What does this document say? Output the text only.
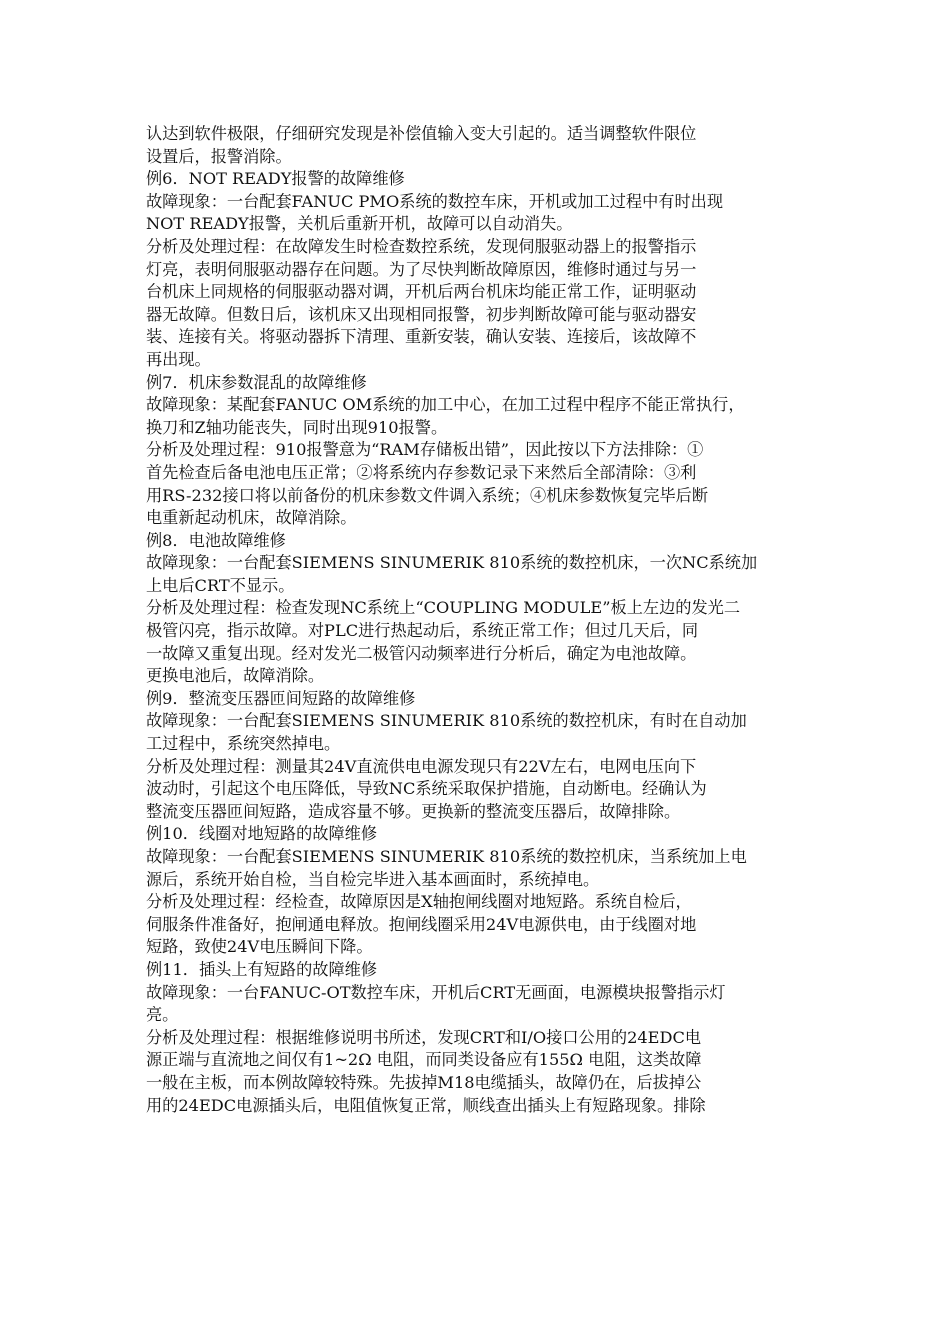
认达到软件极限，仔细研究发现是补偿值输入变大引起的。适当调整软件限位
设置后，报警消除。
例6．NOT READY报警的故障维修
故障现象：一台配套FANUC PMO系统的数控车床，开机或加工过程中有时出现
NOT READY报警，关机后重新开机，故障可以自动消失。
分析及处理过程：在故障发生时检查数控系统，发现伺服驱动器上的报警指示
灯亮，表明伺服驱动器存在问题。为了尽快判断故障原因，维修时通过与另一
台机床上同规格的伺服驱动器对调，开机后两台机床均能正常工作，证明驱动
器无故障。但数日后，该机床又出现相同报警，初步判断故障可能与驱动器安
装、连接有关。将驱动器拆下清理、重新安装，确认安装、连接后，该故障不
再出现。
例7．机床参数混乱的故障维修
故障现象：某配套FANUC OM系统的加工中心，在加工过程中程序不能正常执行，
换刀和Z轴功能丧失，同时出现910报警。
分析及处理过程：910报警意为“RAM存储板出错”，因此按以下方法排除：①
首先检查后备电池电压正常；②将系统内存参数记录下来然后全部清除：③利
用RS-232接口将以前备份的机床参数文件调入系统；④机床参数恢复完毕后断
电重新起动机床，故障消除。
例8．电池故障维修
故障现象：一台配套SIEMENS SINUMERIK 810系统的数控机床，一次NC系统加
上电后CRT不显示。
分析及处理过程：检查发现NC系统上“COUPLING MODULE”板上左边的发光二
极管闪亮，指示故障。对PLC进行热起动后，系统正常工作；但过几天后，同
一故障又重复出现。经对发光二极管闪动频率进行分析后，确定为电池故障。
更换电池后，故障消除。
例9．整流变压器匝间短路的故障维修
故障现象：一台配套SIEMENS SINUMERIK 810系统的数控机床，有时在自动加
工过程中，系统突然掉电。
分析及处理过程：测量其24V直流供电电源发现只有22V左右，电网电压向下
波动时，引起这个电压降低，导致NC系统采取保护措施，自动断电。经确认为
整流变压器匝间短路，造成容量不够。更换新的整流变压器后，故障排除。
例10．线圈对地短路的故障维修
故障现象：一台配套SIEMENS SINUMERIK 810系统的数控机床，当系统加上电
源后，系统开始自检，当自检完毕进入基本画面时，系统掉电。
分析及处理过程：经检查，故障原因是X轴抱闸线圈对地短路。系统自检后，
伺服条件准备好，抱闸通电释放。抱闸线圈采用24V电源供电，由于线圈对地
短路，致使24V电压瞬间下降。
例11．插头上有短路的故障维修
故障现象：一台FANUC-OT数控车床，开机后CRT无画面，电源模块报警指示灯
亮。
分析及处理过程：根据维修说明书所述，发现CRT和I/O接口公用的24EDC电
源正端与直流地之间仅有1~2Ω 电阻，而同类设备应有155Ω 电阻，这类故障
一般在主板，而本例故障较特殊。先拔掉M18电缆插头，故障仍在，后拔掉公
用的24EDC电源插头后，电阻值恢复正常，顺线查出插头上有短路现象。排除
